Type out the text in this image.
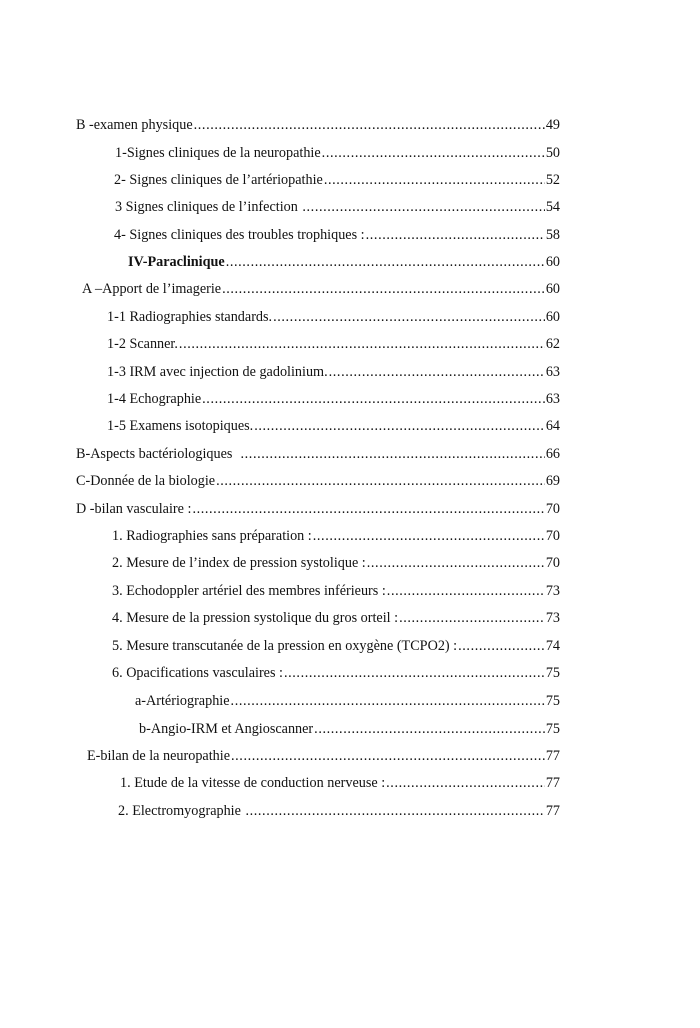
B -examen physique .....	49
1-Signes cliniques de la neuropathie .....	50
2- Signes cliniques de l’artériopathie .....	52
3 Signes cliniques de l’infection .....	54
4- Signes cliniques des troubles trophiques : .....	58
IV-Paraclinique .....	60
A –Apport de l’imagerie .....	60
1-1 Radiographies standards. .....	60
1-2 Scanner. .....	62
1-3 IRM avec injection de gadolinium. .....	63
1-4 Echographie .....	63
1-5 Examens isotopiques. .....	64
B-Aspects bactériologiques .....	66
C-Donnée de la biologie .....	69
D -bilan vasculaire : .....	70
1. Radiographies sans préparation : .....	70
2. Mesure de l’index de pression systolique : .....	70
3. Echodoppler artériel des membres inférieurs : .....	73
4. Mesure de la pression systolique du gros orteil : .....	73
5. Mesure transcutanée de la pression en oxygène (TCPO2) : .....	74
6. Opacifications vasculaires : .....	75
a-Artériographie .....	75
b-Angio-IRM et Angioscanner .....	75
E-bilan de la neuropathie .....	77
1. Etude de la vitesse de conduction nerveuse : .....	77
2. Electromyographie .....	77
